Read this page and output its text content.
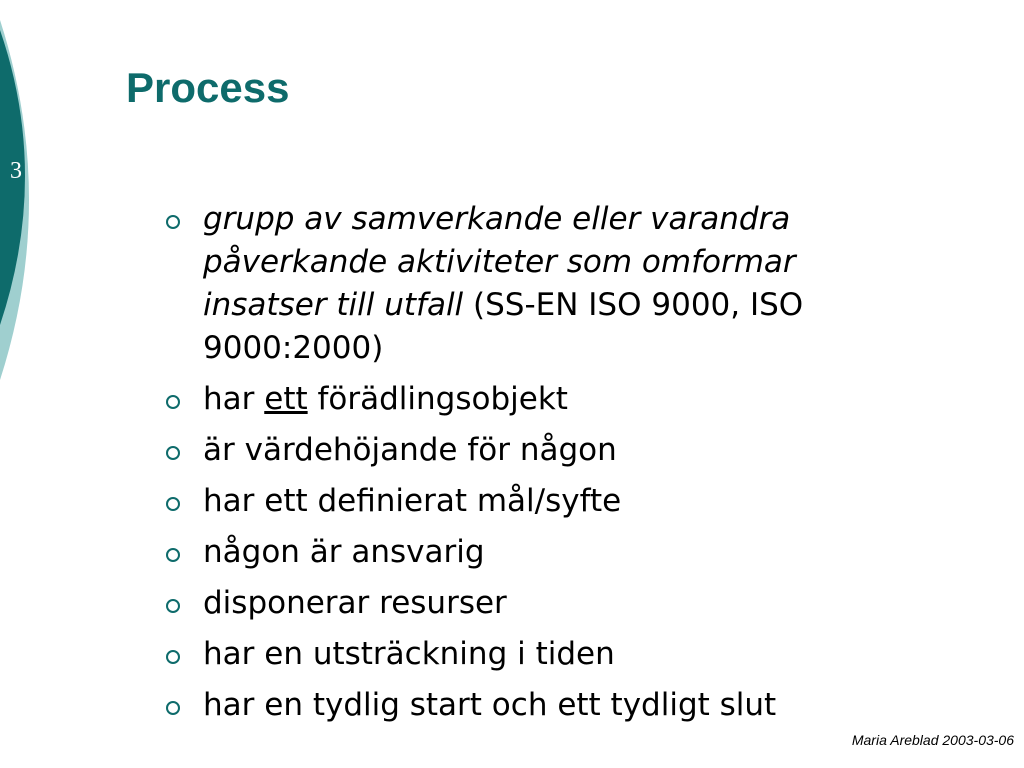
3
Process
grupp av samverkande eller varandra påverkande aktiviteter som omformar insatser till utfall (SS-EN ISO 9000, ISO 9000:2000)
har ett förädlingsobjekt
är värdehöjande för någon
har ett definierat mål/syfte
någon är ansvarig
disponerar resurser
har en utsträckning i tiden
har en tydlig start och ett tydligt slut
Maria Areblad 2003-03-06
